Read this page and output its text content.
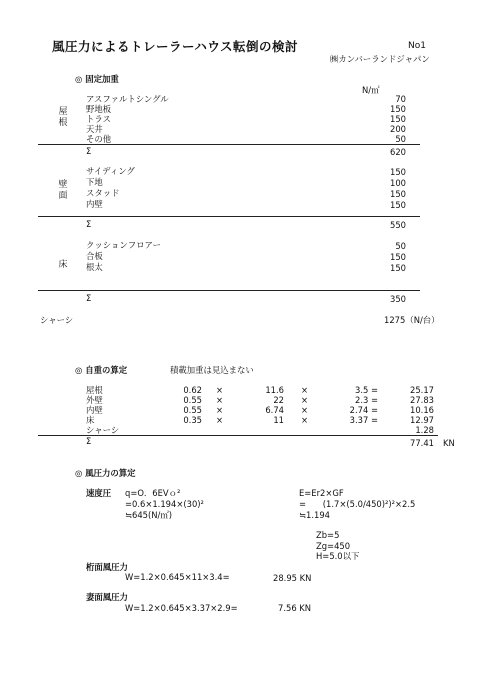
風圧力によるトレーラーハウス転倒の検討	No1
㈱カンバーランドジャパン
◎ 固定加重
N/㎡
屋根
アスファルトシングル	70
野地板	150
トラス	150
天井	200
その他	50
Σ	620
壁面
サイディング	150
下地	100
スタッド	150
内壁	150
Σ	550
床
クッションフロアー	50
合板	150
根太	150
Σ	350
シャーシ	1275（N/台）
◎ 自重の算定	積載加重は見込まない
屋根	0.62 ×	11.6 ×	3.5 =	25.17
外壁	0.55 ×	22 ×	2.3 =	27.83
内壁	0.55 ×	6.74 ×	2.74 =	10.16
床	0.35 ×	11 ×	3.37 =	12.97
シャーシ	1.28
Σ	77.41 KN
◎ 風圧力の算定
速度圧 q=O．6EVｏ²
=0.6×1.194×(30)²
≒645(N/㎡)
E=Er2×GF
=　　(1.7×(5.0/450)²)²×2.5
≒1.194
Zb=5
Zg=450
H=5.0以下
桁面風圧力
W=1.2×0.645×11×3.4=	28.95 KN
妻面風圧力
W=1.2×0.645×3.37×2.9=	7.56 KN
